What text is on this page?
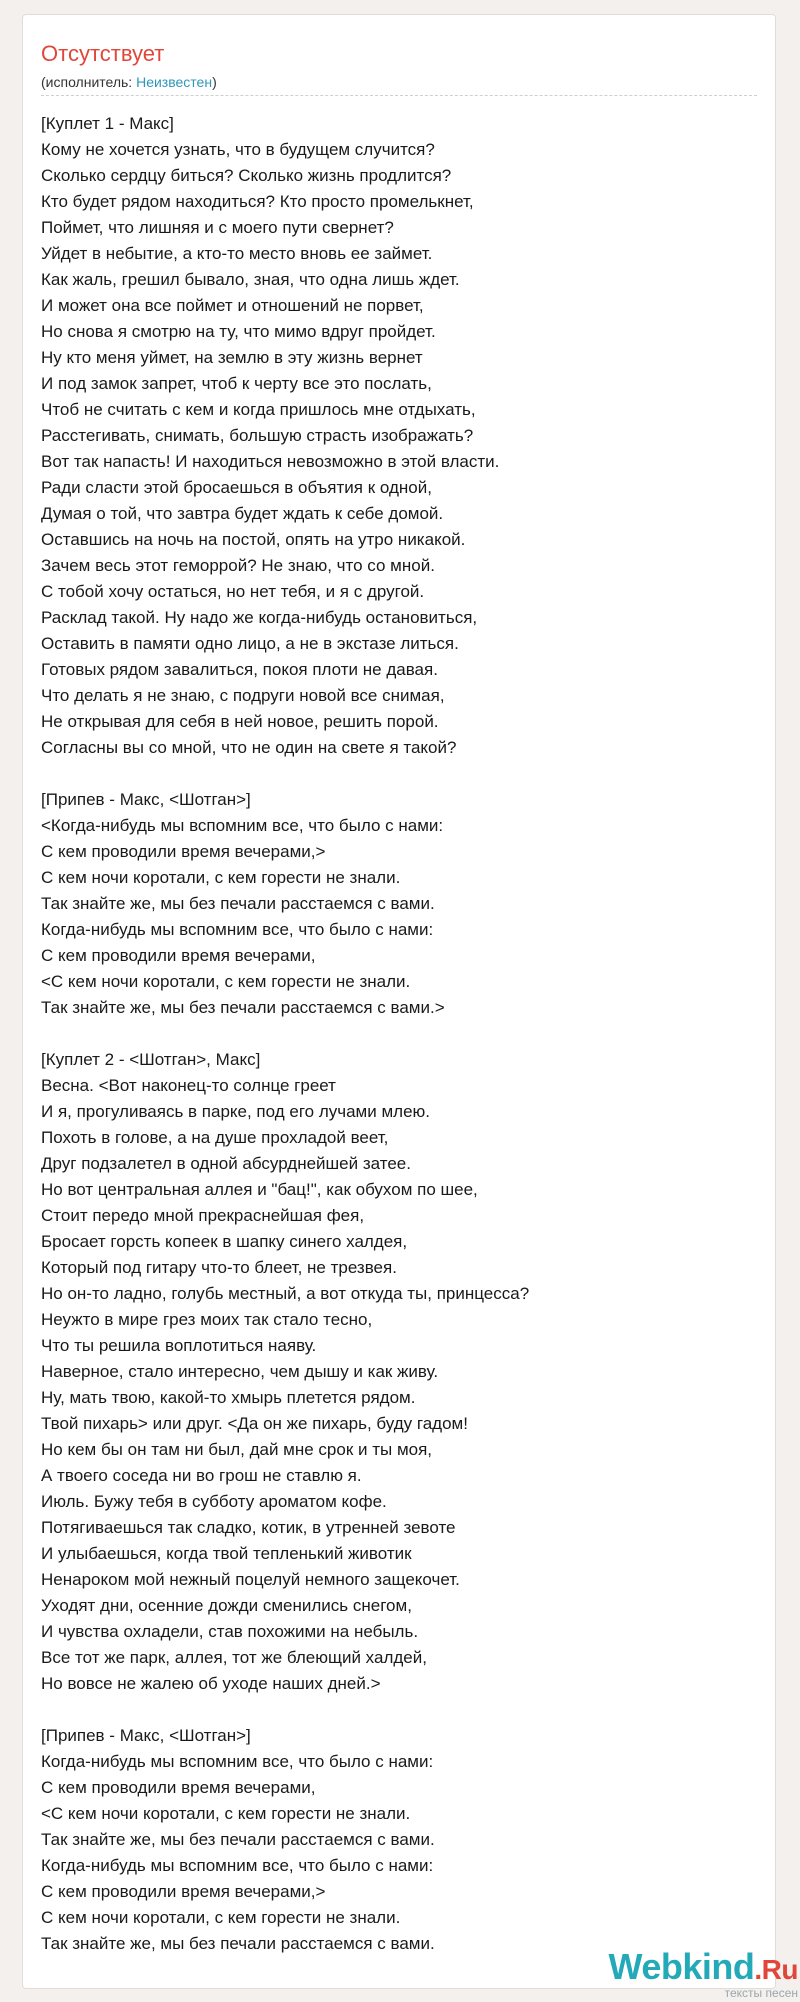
Отсутствует
(исполнитель: Неизвестен)
[Куплет 1 - Макс]
Кому не хочется узнать, что в будущем случится?
Сколько сердцу биться? Сколько жизнь продлится?
Кто будет рядом находиться? Кто просто промелькнет,
Поймет, что лишняя и с моего пути свернет?
Уйдет в небытие, а кто-то место вновь ее займет.
Как жаль, грешил бывало, зная, что одна лишь ждет.
И может она все поймет и отношений не порвет,
Но снова я смотрю на ту, что мимо вдруг пройдет.
Ну кто меня уймет, на землю в эту жизнь вернет
И под замок запрет, чтоб к черту все это послать,
Чтоб не считать с кем и когда пришлось мне отдыхать,
Расстегивать, снимать, большую страсть изображать?
Вот так напасть! И находиться невозможно в этой власти.
Ради сласти этой бросаешься в объятия к одной,
Думая о той, что завтра будет ждать к себе домой.
Оставшись на ночь на постой, опять на утро никакой.
Зачем весь этот геморрой? Не знаю, что со мной.
С тобой хочу остаться, но нет тебя, и я с другой.
Расклад такой. Ну надо же когда-нибудь остановиться,
Оставить в памяти одно лицо, а не в экстазе литься.
Готовых рядом завалиться, покоя плоти не давая.
Что делать я не знаю, с подруги новой все снимая,
Не открывая для себя в ней новое, решить порой.
Согласны вы со мной, что не один на свете я такой?

[Припев - Макс, <Шотган>]
<Когда-нибудь мы вспомним все, что было с нами:
С кем проводили время вечерами,>
С кем ночи коротали, с кем горести не знали.
Так знайте же, мы без печали расстаемся с вами.
Когда-нибудь мы вспомним все, что было с нами:
С кем проводили время вечерами,
<С кем ночи коротали, с кем горести не знали.
Так знайте же, мы без печали расстаемся с вами.>

[Куплет 2 - <Шотган>, Макс]
Весна. <Вот наконец-то солнце греет
И я, прогуливаясь в парке, под его лучами млею.
Похоть в голове, а на душе прохладой веет,
Друг подзалетел в одной абсурднейшей затее.
Но вот центральная аллея и "бац!", как обухом по шее,
Стоит передо мной прекраснейшая фея,
Бросает горсть копеек в шапку синего халдея,
Который под гитару что-то блеет, не трезвея.
Но он-то ладно, голубь местный, а вот откуда ты, принцесса?
Неужто в мире грез моих так стало тесно,
Что ты решила воплотиться наяву.
Наверное, стало интересно, чем дышу и как живу.
Ну, мать твою, какой-то хмырь плетется рядом.
Твой пихарь> или друг. <Да он же пихарь, буду гадом!
Но кем бы он там ни был, дай мне срок и ты моя,
А твоего соседа ни во грош не ставлю я.
Июль. Бужу тебя в субботу ароматом кофе.
Потягиваешься так сладко, котик, в утренней зевоте
И улыбаешься, когда твой тепленький животик
Ненароком мой нежный поцелуй немного защекочет.
Уходят дни, осенние дожди сменились снегом,
И чувства охладели, став похожими на небыль.
Все тот же парк, аллея, тот же блеющий халдей,
Но вовсе не жалею об уходе наших дней.>

[Припев - Макс, <Шотган>]
Когда-нибудь мы вспомним все, что было с нами:
С кем проводили время вечерами,
<С кем ночи коротали, с кем горести не знали.
Так знайте же, мы без печали расстаемся с вами.
Когда-нибудь мы вспомним все, что было с нами:
С кем проводили время вечерами,>
С кем ночи коротали, с кем горести не знали.
Так знайте же, мы без печали расстаемся с вами.
Webkind.Ru
тексты песен
